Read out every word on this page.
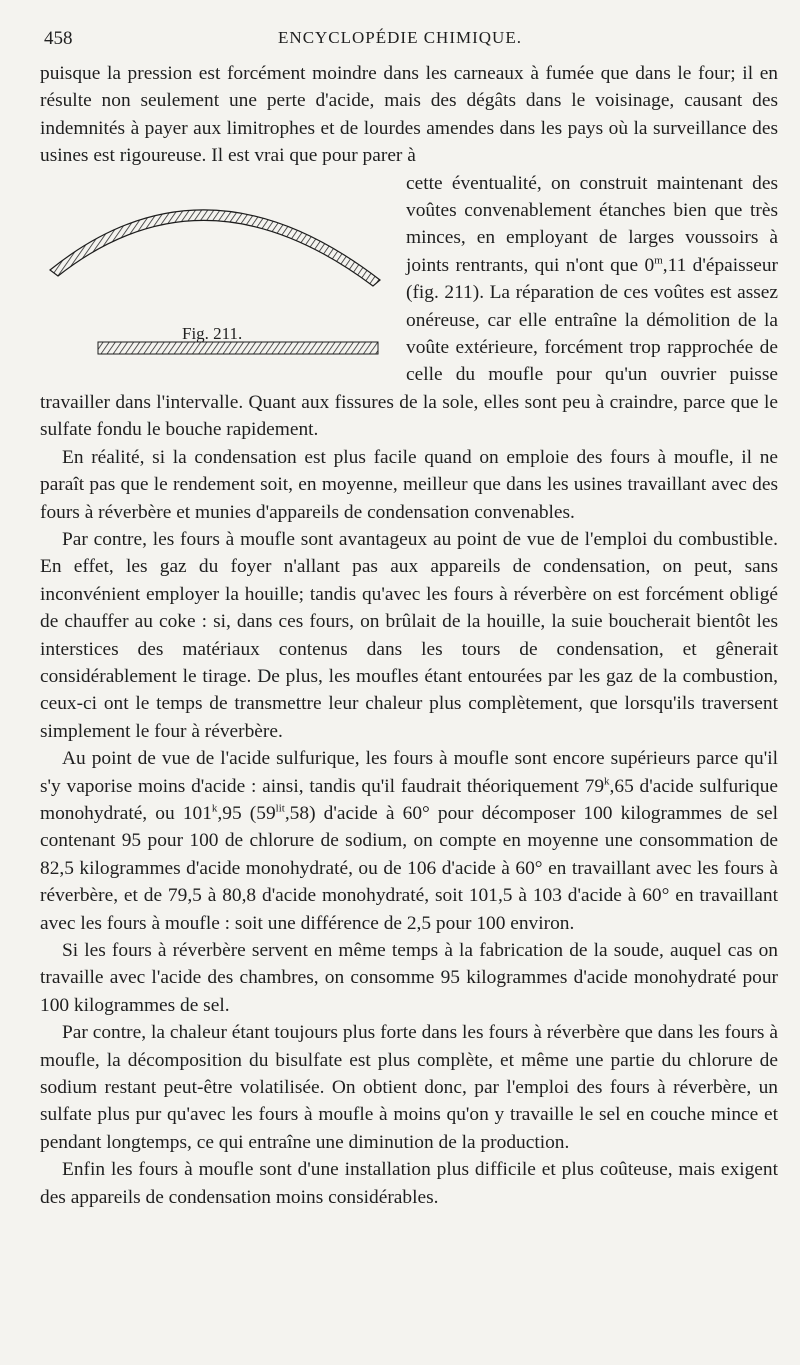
458	ENCYCLOPÉDIE CHIMIQUE.

puisque la pression est forcément moindre dans les carneaux à fumée que dans le four; il en résulte non seulement une perte d'acide, mais des dégâts dans le voisinage, causant des indemnités à payer aux limitrophes et de lourdes amendes dans les pays où la surveillance des usines est rigoureuse. Il est vrai que pour parer à

Fig. 211.

cette éventualité, on construit maintenant des voûtes convenablement étanches bien que très minces, en employant de larges voussoirs à joints rentrants, qui n'ont que 0$^m$,11 d'épaisseur (fig. 211). La réparation de ces voûtes est assez onéreuse, car elle entraîne la démolition de la voûte extérieure, forcément trop rapprochée de celle du moufle pour qu'un ouvrier puisse travailler dans l'intervalle. Quant aux fissures de la sole, elles sont peu à craindre, parce que le sulfate fondu le bouche rapidement.

En réalité, si la condensation est plus facile quand on emploie des fours à moufle, il ne paraît pas que le rendement soit, en moyenne, meilleur que dans les usines travaillant avec des fours à réverbère et munies d'appareils de condensation convenables.

Par contre, les fours à moufle sont avantageux au point de vue de l'emploi du combustible. En effet, les gaz du foyer n'allant pas aux appareils de condensation, on peut, sans inconvénient employer la houille; tandis qu'avec les fours à réverbère on est forcément obligé de chauffer au coke : si, dans ces fours, on brûlait de la houille, la suie boucherait bientôt les interstices des matériaux contenus dans les tours de condensation, et gênerait considérablement le tirage. De plus, les moufles étant entourées par les gaz de la combustion, ceux-ci ont le temps de transmettre leur chaleur plus complètement, que lorsqu'ils traversent simplement le four à réverbère.

Au point de vue de l'acide sulfurique, les fours à moufle sont encore supérieurs parce qu'il s'y vaporise moins d'acide : ainsi, tandis qu'il faudrait théoriquement 79$^k$,65 d'acide sulfurique monohydraté, ou 101$^k$,95 $(59^{lit},58)$ d'acide à 60° pour décomposer 100 kilogrammes de sel contenant 95 pour 100 de chlorure de sodium, on compte en moyenne une consommation de 82,5 kilogrammes d'acide monohydraté, ou de 106 d'acide à 60° en travaillant avec les fours à réverbère, et de 79,5 à 80,8 d'acide monohydraté, soit 101,5 à 103 d'acide à 60° en travaillant avec les fours à moufle : soit une différence de 2,5 pour 100 environ.

Si les fours à réverbère servent en même temps à la fabrication de la soude, auquel cas on travaille avec l'acide des chambres, on consomme 95 kilogrammes d'acide monohydraté pour 100 kilogrammes de sel.

Par contre, la chaleur étant toujours plus forte dans les fours à réverbère que dans les fours à moufle, la décomposition du bisulfate est plus complète, et même une partie du chlorure de sodium restant peut-être volatilisée. On obtient donc, par l'emploi des fours à réverbère, un sulfate plus pur qu'avec les fours à moufle à moins qu'on y travaille le sel en couche mince et pendant longtemps, ce qui entraîne une diminution de la production.

Enfin les fours à moufle sont d'une installation plus difficile et plus coûteuse, mais exigent des appareils de condensation moins considérables.
